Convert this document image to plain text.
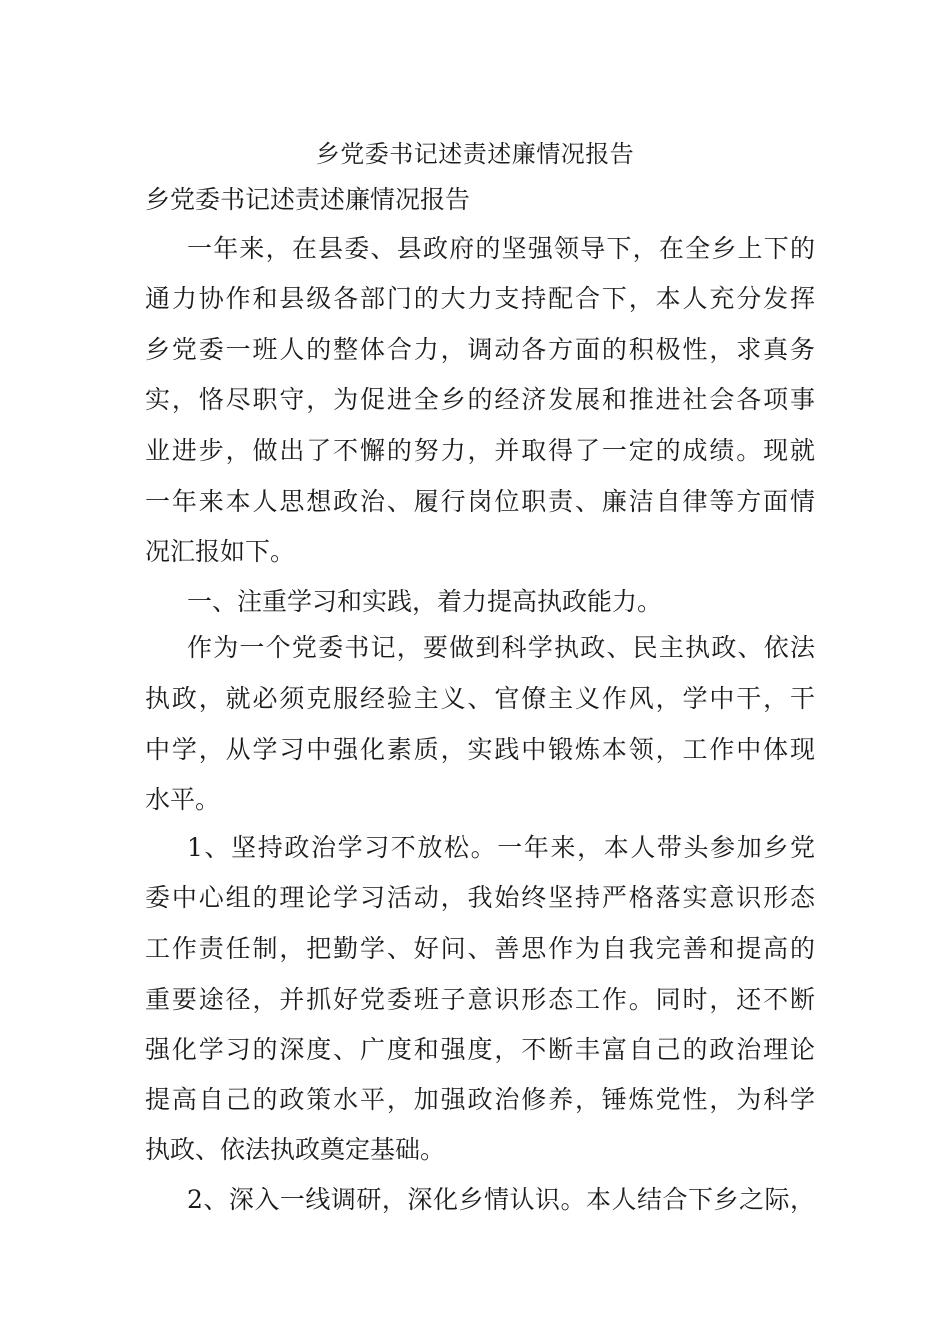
乡党委书记述责述廉情况报告
乡党委书记述责述廉情况报告
一年来，在县委、县政府的坚强领导下，在全乡上下的
通力协作和县级各部门的大力支持配合下，本人充分发挥
乡党委一班人的整体合力，调动各方面的积极性，求真务
实，恪尽职守，为促进全乡的经济发展和推进社会各项事
业进步，做出了不懈的努力，并取得了一定的成绩。现就
一年来本人思想政治、履行岗位职责、廉洁自律等方面情
况汇报如下。
一、注重学习和实践，着力提高执政能力。
作为一个党委书记，要做到科学执政、民主执政、依法
执政，就必须克服经验主义、官僚主义作风，学中干，干
中学，从学习中强化素质，实践中锻炼本领，工作中体现
水平。
1、坚持政治学习不放松。一年来，本人带头参加乡党
委中心组的理论学习活动，我始终坚持严格落实意识形态
工作责任制，把勤学、好问、善思作为自我完善和提高的
重要途径，并抓好党委班子意识形态工作。同时，还不断
强化学习的深度、广度和强度，不断丰富自己的政治理论
提高自己的政策水平，加强政治修养，锤炼党性，为科学
执政、依法执政奠定基础。
2、深入一线调研，深化乡情认识。本人结合下乡之际，
